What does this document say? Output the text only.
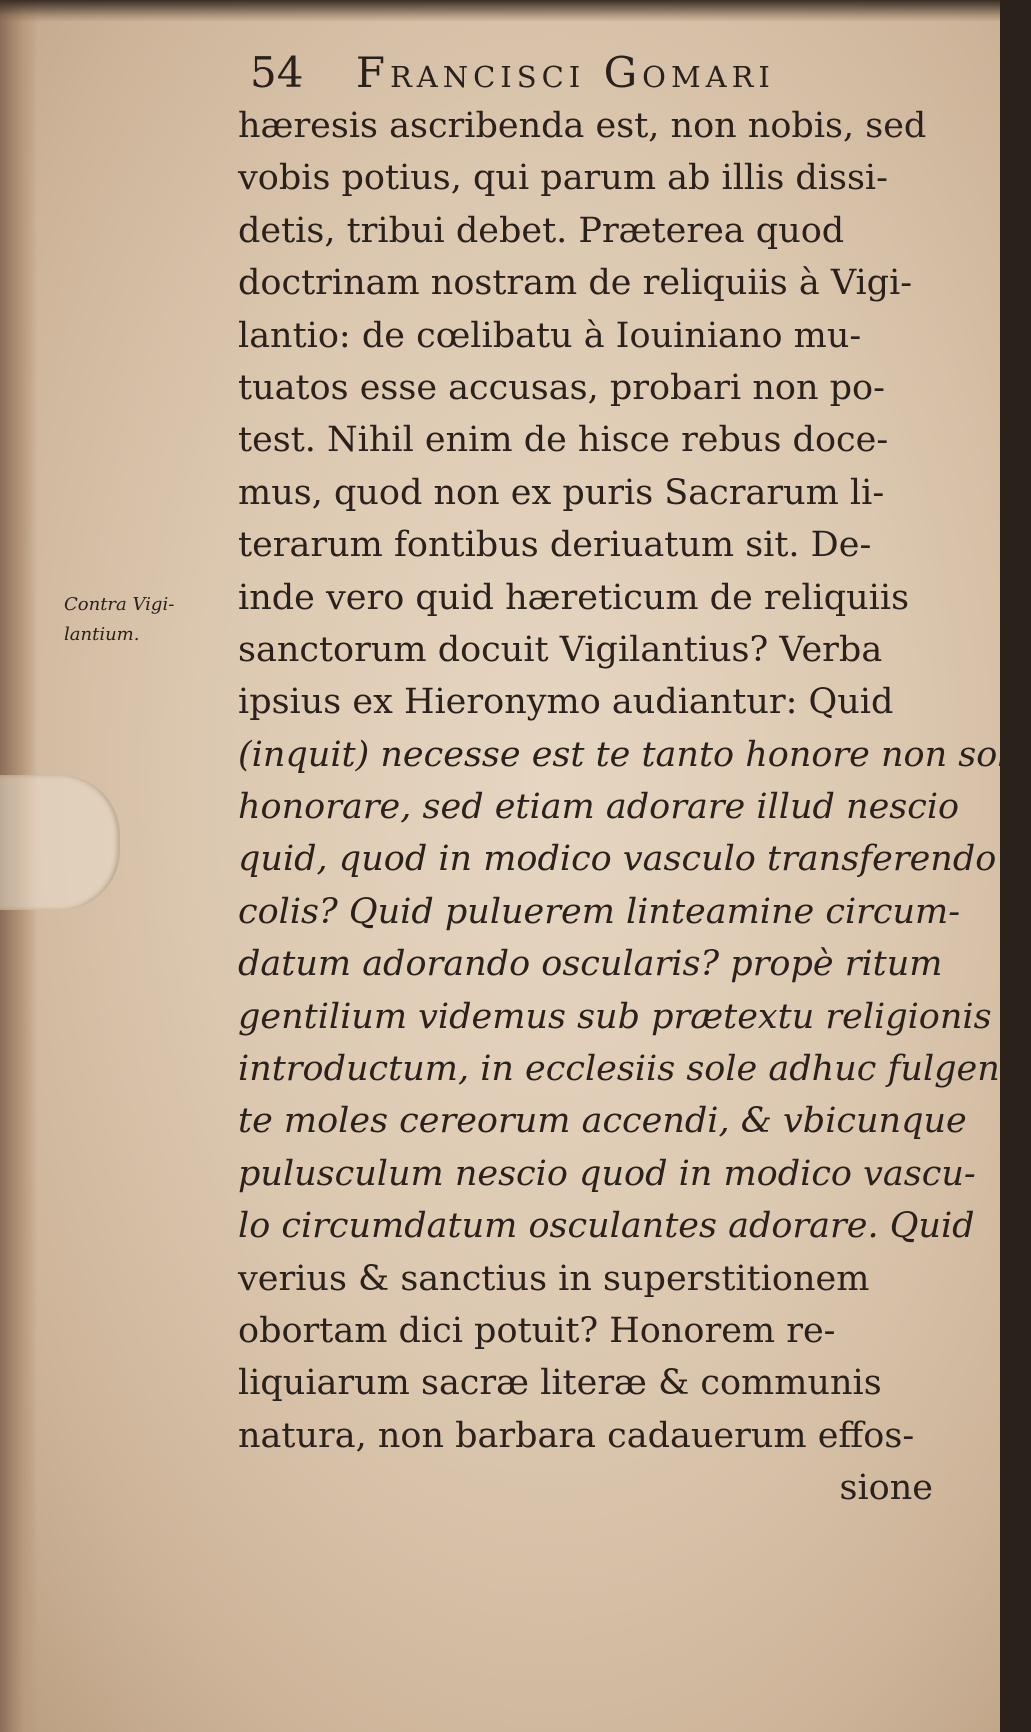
54 Francisci Gomari
Contra Vigi-
lantium.
hæresis ascribenda est, non nobis, sed
vobis potius, qui parum ab illis dissi-
detis, tribui debet. Præterea quod
doctrinam nostram de reliquiis à Vigi-
lantio: de cœlibatu à Iouiniano mu-
tuatos esse accusas, probari non po-
test. Nihil enim de hisce rebus doce-
mus, quod non ex puris Sacrarum li-
terarum fontibus deriuatum sit. De-
inde vero quid hæreticum de reliquiis
sanctorum docuit Vigilantius? Verba
ipsius ex Hieronymo audiantur: Quid
(inquit) necesse est te tanto honore non solũ
honorare, sed etiam adorare illud nescio
quid, quod in modico vasculo transferendo
colis? Quid puluerem linteamine circum-
datum adorando oscularis? propè ritum
gentilium videmus sub prætextu religionis
introductum, in ecclesiis sole adhuc fulgen-
te moles cereorum accendi, & vbicunque
pulusculum nescio quod in modico vascu-
lo circumdatum osculantes adorare. Quid
verius & sanctius in superstitionem
obortam dici potuit? Honorem re-
liquiarum sacræ literæ & communis
natura, non barbara cadauerum effos-
sione
